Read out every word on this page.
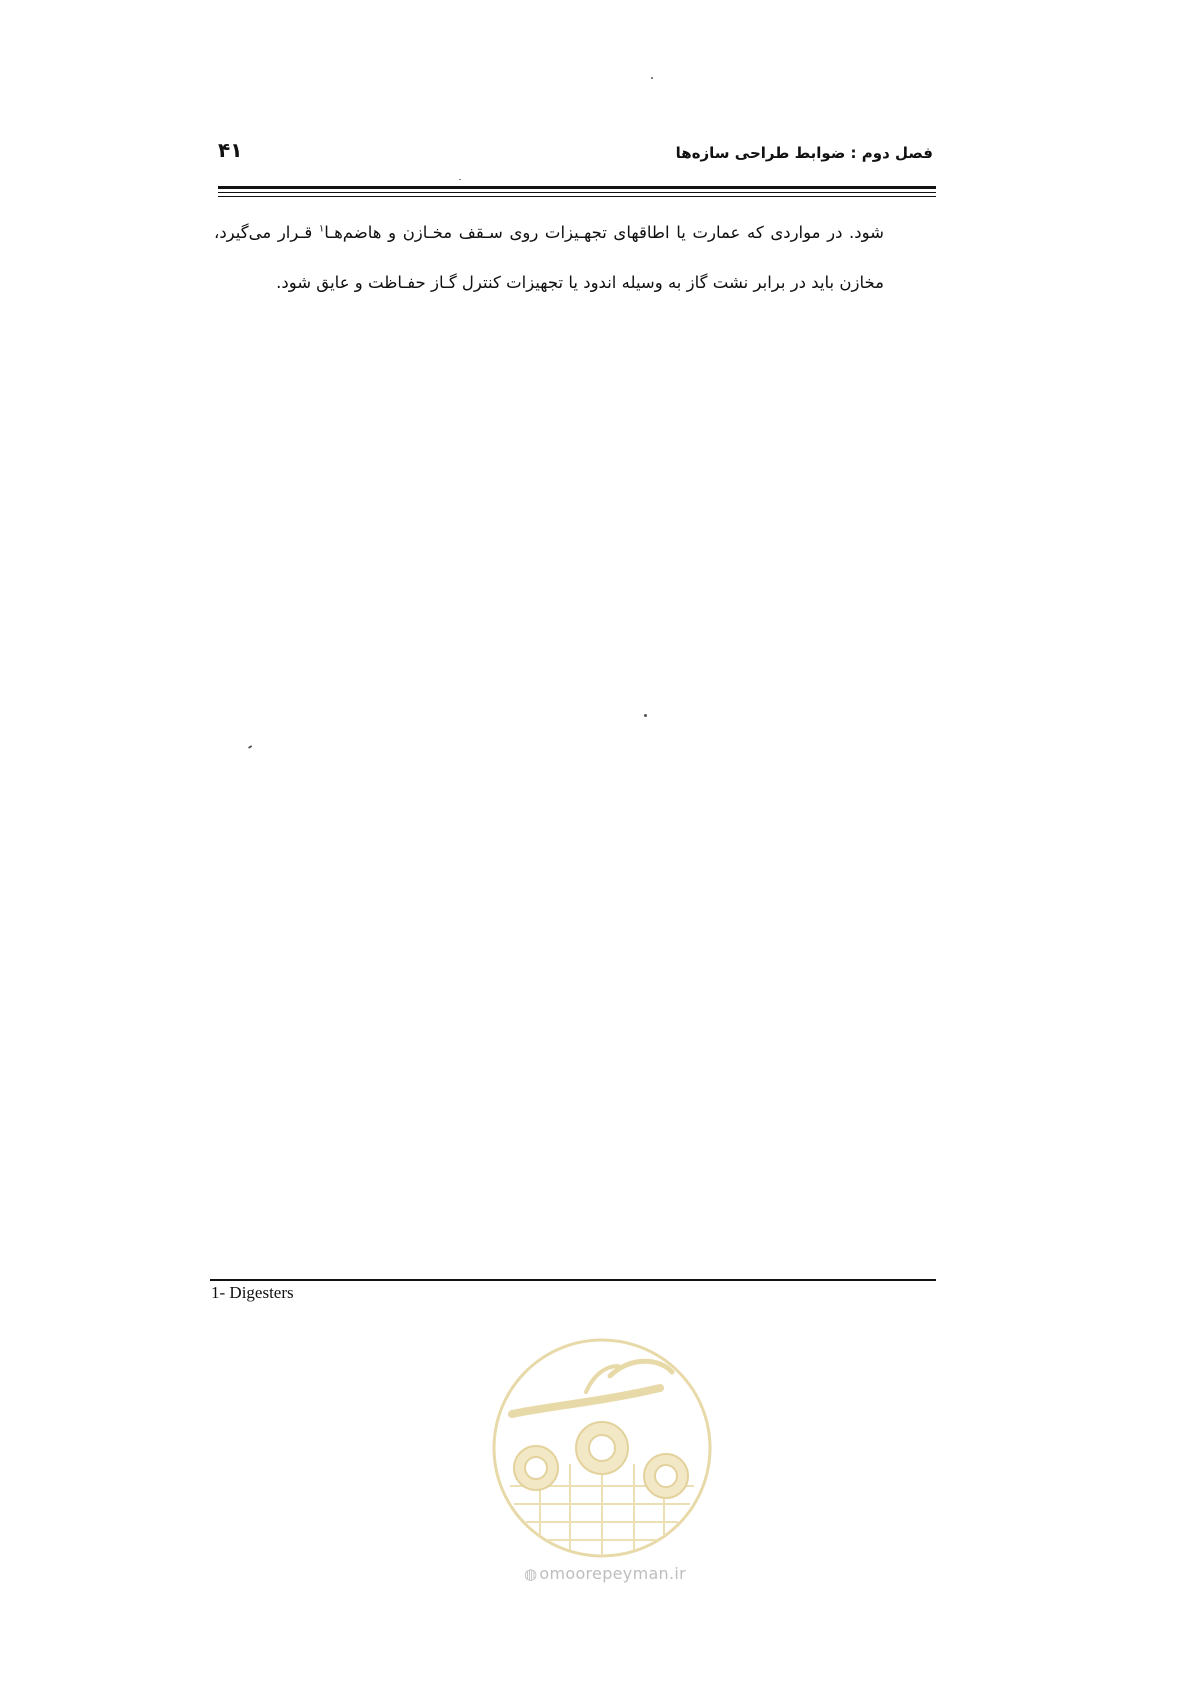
۴۱	فصل دوم : ضوابط طراحی سازه‌ها
شود. در مواردی که عمارت یا اطاقهای تجهـیزات روی سـقف مخـازن و هاضم‌هـا$^۱$ قـرار می‌گیرد، مخازن باید در برابر نشت گاز به وسیله اندود یا تجهیزات کنترل گـاز حفـاظت و عایق شود.
1- Digesters
◍ omoorepeyman.ir
